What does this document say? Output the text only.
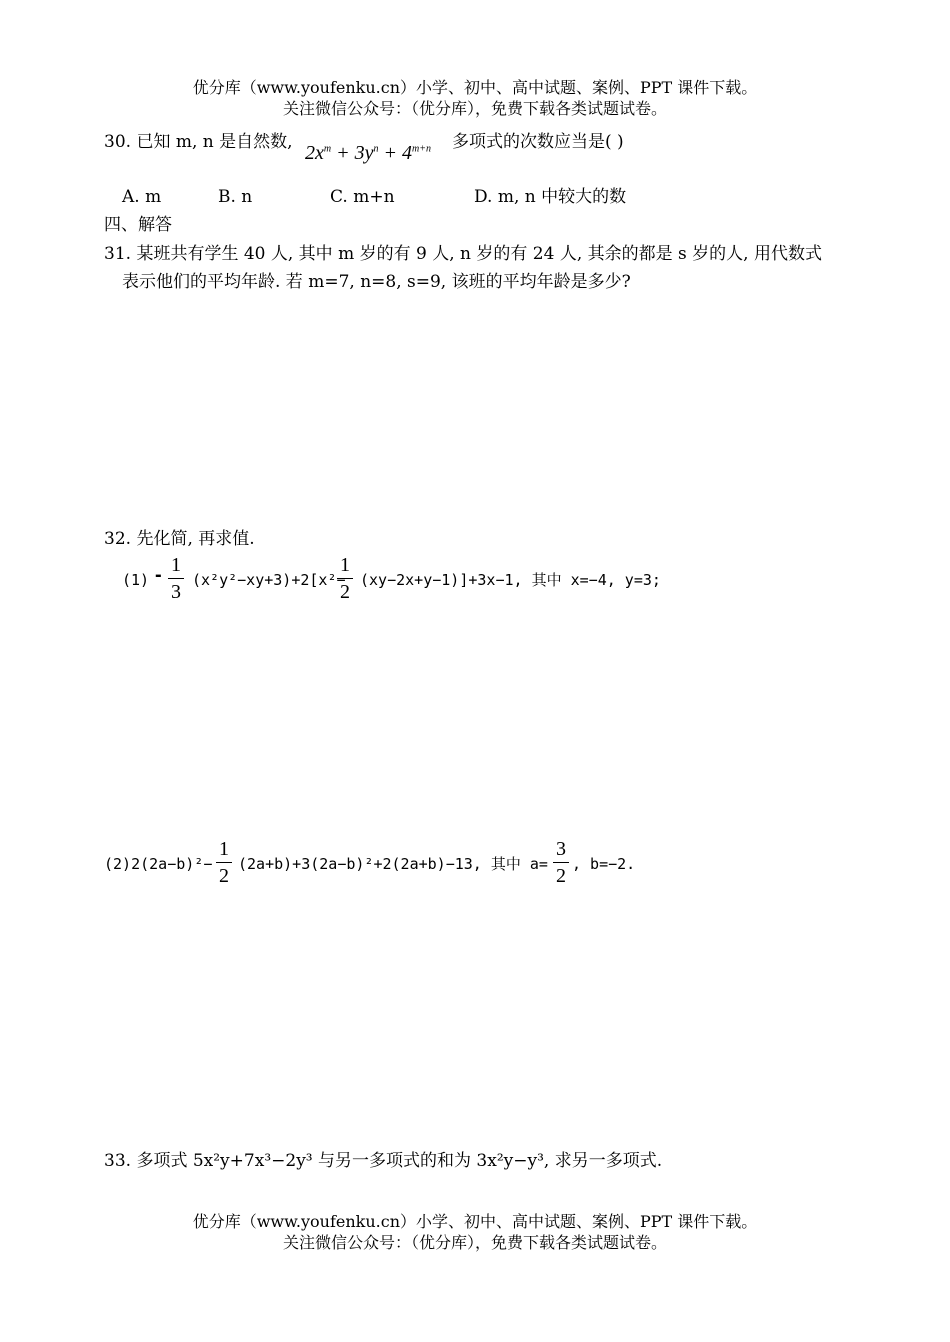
优分库（www.youfenku.cn）小学、初中、高中试题、案例、PPT 课件下载。
关注微信公众号：（优分库），免费下载各类试题试卷。
30. 已知 m, n 是自然数, $2x^m + 3y^n + 4^{m+n}$ 多项式的次数应当是( )
A. m	B. n	C. m+n	D. m, n 中较大的数
四、解答
31. 某班共有学生 40 人, 其中 m 岁的有 9 人, n 岁的有 24 人, 其余的都是 s 岁的人, 用代数式
表示他们的平均年龄. 若 m=7, n=8, s=9, 该班的平均年龄是多少?
32. 先化简, 再求值.
(1) - 1
3
(x²y²−xy+3)+2[x²−
1
2
(xy−2x+y−1)]+3x−1, 其中 x=−4, y=3;
(2)2(2a−b)²−
1
2
(2a+b)+3(2a−b)²+2(2a+b)−13, 其中 a=
3
2
, b=−2.
33. 多项式 5x²y+7x³−2y³ 与另一多项式的和为 3x²y−y³, 求另一多项式.
优分库（www.youfenku.cn）小学、初中、高中试题、案例、PPT 课件下载。
关注微信公众号：（优分库），免费下载各类试题试卷。
